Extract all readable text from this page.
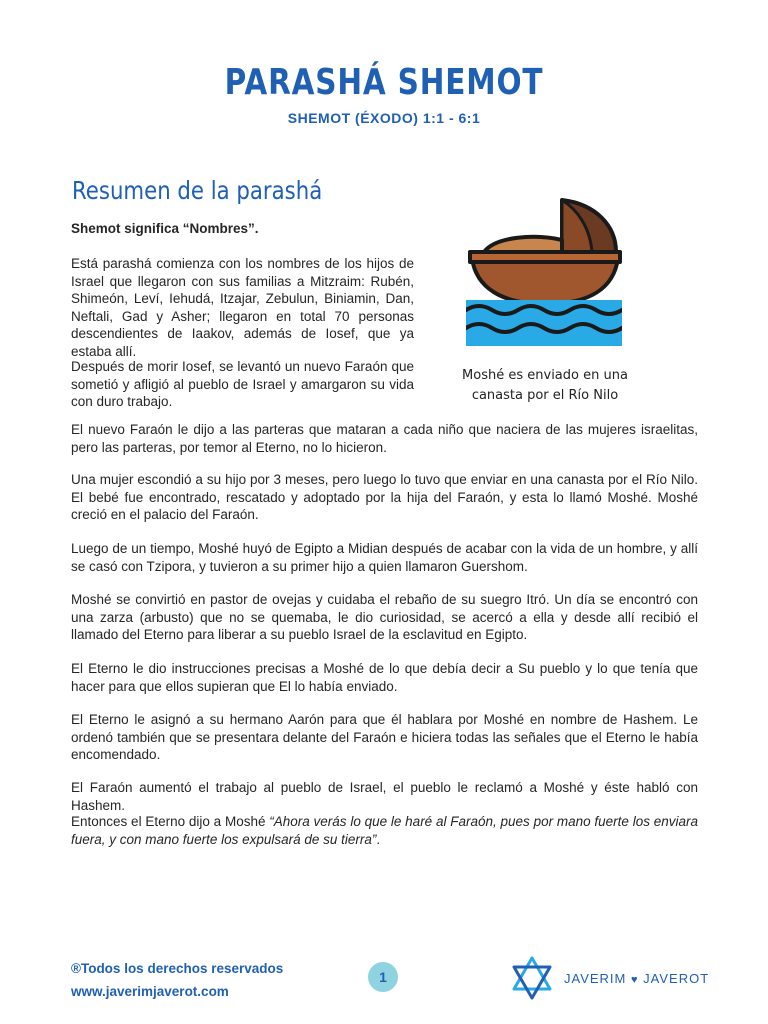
PARASHÁ SHEMOT
SHEMOT (ÉXODO) 1:1 - 6:1
Resumen de la parashá

Shemot significa “Nombres”.

Está parashá comienza con los nombres de los hijos de Israel que llegaron con sus familias a Mitzraim: Rubén, Shimeón, Leví, Iehudá, Itzajar, Zebulun, Biniamin, Dan, Neftali, Gad y Asher; llegaron en total 70 personas descendientes de Iaakov, además de Iosef, que ya estaba allí.

Después de morir Iosef, se levantó un nuevo Faraón que sometió y afligió al pueblo de Israel y amargaron su vida con duro trabajo.

Moshé es enviado en una
canasta por el Río Nilo

El nuevo Faraón le dijo a las parteras que mataran a cada niño que naciera de las mujeres israelitas, pero las parteras, por temor al Eterno, no lo hicieron.

Una mujer escondió a su hijo por 3 meses, pero luego lo tuvo que enviar en una canasta por el Río Nilo. El bebé fue encontrado, rescatado y adoptado por la hija del Faraón, y esta lo llamó Moshé. Moshé creció en el palacio del Faraón.

Luego de un tiempo, Moshé huyó de Egipto a Midian después de acabar con la vida de un hombre, y allí se casó con Tzipora, y tuvieron a su primer hijo a quien llamaron Guershom.

Moshé se convirtió en pastor de ovejas y cuidaba el rebaño de su suegro Itró. Un día se encontró con una zarza (arbusto) que no se quemaba, le dio curiosidad, se acercó a ella y desde allí recibió el llamado del Eterno para liberar a su pueblo Israel de la esclavitud en Egipto.

El Eterno le dio instrucciones precisas a Moshé de lo que debía decir a Su pueblo y lo que tenía que hacer para que ellos supieran que El lo había enviado.

El Eterno le asignó a su hermano Aarón para que él hablara por Moshé en nombre de Hashem. Le ordenó también que se presentara delante del Faraón e hiciera todas las señales que el Eterno le había encomendado.

El Faraón aumentó el trabajo al pueblo de Israel, el pueblo le reclamó a Moshé y éste habló con Hashem.

Entonces el Eterno dijo a Moshé “Ahora verás lo que le haré al Faraón, pues por mano fuerte los enviara fuera, y con mano fuerte los expulsará de su tierra”.

®Todos los derechos reservados
www.javerimjaverot.com
1	JAVERIM ♥ JAVEROT
